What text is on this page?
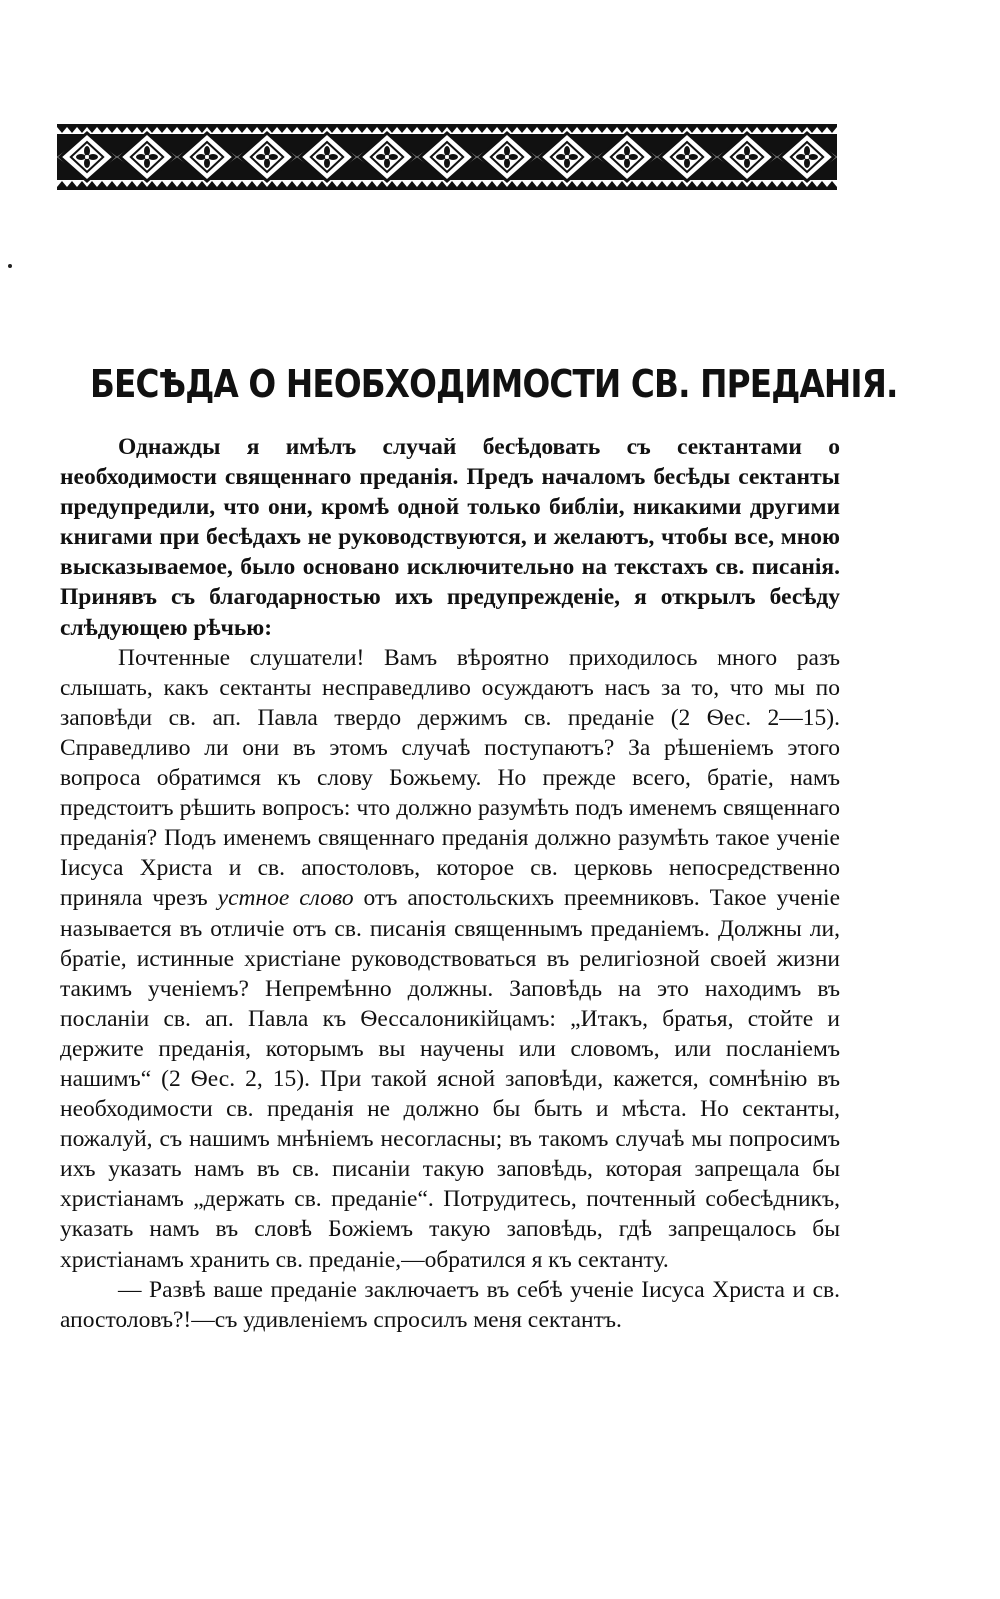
БЕСѢДА О НЕОБХОДИМОСТИ СВ. ПРЕДАНІЯ.

Однажды я имѣлъ случай бесѣдовать съ сектантами о необходимости священнаго преданія. Предъ началомъ бесѣды сектанты предупредили, что они, кромѣ одной только библіи, никакими другими книгами при бесѣдахъ не руководствуются, и желаютъ, чтобы все, мною высказываемое, было основано исключительно на текстахъ св. писанія. Принявъ съ благодарностью ихъ предупрежденіе, я открылъ бесѣду слѣдующею рѣчью:

Почтенные слушатели! Вамъ вѣроятно приходилось много разъ слышать, какъ сектанты несправедливо осуждаютъ насъ за то, что мы по заповѣди св. ап. Павла твердо держимъ св. преданіе (2 Ѳес. 2—15). Справедливо ли они въ этомъ случаѣ поступаютъ? За рѣшеніемъ этого вопроса обратимся къ слову Божьему. Но прежде всего, братіе, намъ предстоитъ рѣшить вопросъ: что должно разумѣть подъ именемъ священнаго преданія? Подъ именемъ священнаго преданія должно разумѣть такое ученіе Іисуса Христа и св. апостоловъ, которое св. церковь непосредственно приняла чрезъ устное слово отъ апостольскихъ преемниковъ. Такое ученіе называется въ отличіе отъ св. писанія священнымъ преданіемъ. Должны ли, братіе, истинные христіане руководствоваться въ религіозной своей жизни такимъ ученіемъ? Непремѣнно должны. Заповѣдь на это находимъ въ посланіи св. ап. Павла къ Ѳессалоникійцамъ: „Итакъ, братья, стойте и держите преданія, которымъ вы научены или словомъ, или посланіемъ нашимъ“ (2 Ѳес. 2, 15). При такой ясной заповѣди, кажется, сомнѣнію въ необходимости св. преданія не должно бы быть и мѣста. Но сектанты, пожалуй, съ нашимъ мнѣніемъ несогласны; въ такомъ случаѣ мы попросимъ ихъ указать намъ въ св. писаніи такую заповѣдь, которая запрещала бы христіанамъ „держать св. преданіе“. Потрудитесь, почтенный собесѣдникъ, указать намъ въ словѣ Божіемъ такую заповѣдь, гдѣ запрещалось бы христіанамъ хранить св. преданіе,—обратился я къ сектанту.

— Развѣ ваше преданіе заключаетъ въ себѣ ученіе Іисуса Христа и св. апостоловъ?!—съ удивленіемъ спросилъ меня сектантъ.
